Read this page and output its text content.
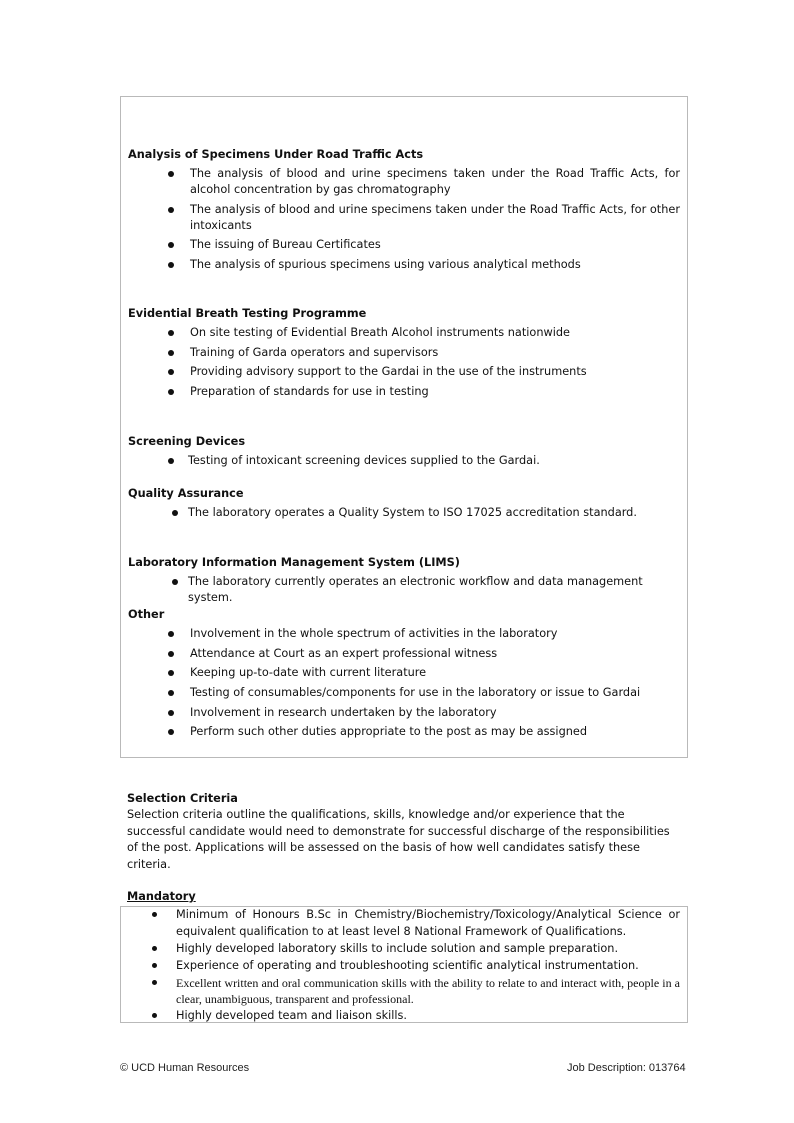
Analysis of Specimens Under Road Traffic Acts

The analysis of blood and urine specimens taken under the Road Traffic Acts, for alcohol concentration by gas chromatography
The analysis of blood and urine specimens taken under the Road Traffic Acts, for other intoxicants
The issuing of Bureau Certificates
The analysis of spurious specimens using various analytical methods

Evidential Breath Testing Programme

On site testing of Evidential Breath Alcohol instruments nationwide
Training of Garda operators and supervisors
Providing advisory support to the Gardai in the use of the instruments
Preparation of standards for use in testing

Screening Devices

Testing of intoxicant screening devices supplied to the Gardai.

Quality Assurance

The laboratory operates a Quality System to ISO 17025 accreditation standard.

Laboratory Information Management System (LIMS)

The laboratory currently operates an electronic workflow and data management system.

Other

Involvement in the whole spectrum of activities in the laboratory
Attendance at Court as an expert professional witness
Keeping up-to-date with current literature
Testing of consumables/components for use in the laboratory or issue to Gardai
Involvement in research undertaken by the laboratory
Perform such other duties appropriate to the post as may be assigned

Selection Criteria

Selection criteria outline the qualifications, skills, knowledge and/or experience that the successful candidate would need to demonstrate for successful discharge of the responsibilities of the post. Applications will be assessed on the basis of how well candidates satisfy these criteria.

Mandatory

Minimum of Honours B.Sc in Chemistry/Biochemistry/Toxicology/Analytical Science or equivalent qualification to at least level 8 National Framework of Qualifications.
Highly developed laboratory skills to include solution and sample preparation.
Experience of operating and troubleshooting scientific analytical instrumentation.
Excellent written and oral communication skills with the ability to relate to and interact with, people in a clear, unambiguous, transparent and professional.
Highly developed team and liaison skills.
© UCD Human Resources	Job Description: 013764
